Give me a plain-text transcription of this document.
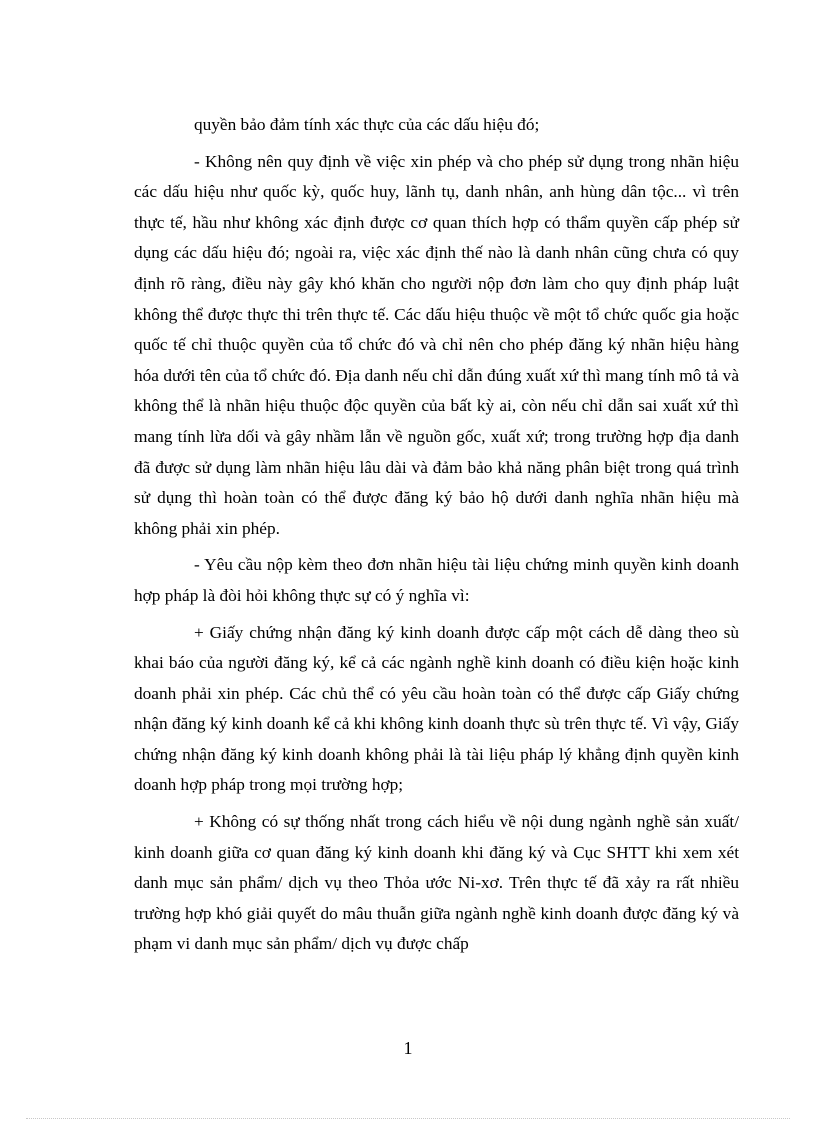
quyền bảo đảm tính xác thực của các dấu hiệu đó;

- Không nên quy định về việc xin phép và cho phép sử dụng trong nhãn hiệu các dấu hiệu như quốc kỳ, quốc huy, lãnh tụ, danh nhân, anh hùng dân tộc... vì trên thực tế, hầu như không xác định được cơ quan thích hợp có thẩm quyền cấp phép sử dụng các dấu hiệu đó; ngoài ra, việc xác định thế nào là danh nhân cũng chưa có quy định rõ ràng, điều này gây khó khăn cho người nộp đơn làm cho quy định pháp luật không thể được thực thi trên thực tế. Các dấu hiệu thuộc về một tổ chức quốc gia hoặc quốc tế chỉ thuộc quyền của tổ chức đó và chỉ nên cho phép đăng ký nhãn hiệu hàng hóa dưới tên của tổ chức đó. Địa danh nếu chỉ dẫn đúng xuất xứ thì mang tính mô tả và không thể là nhãn hiệu thuộc độc quyền của bất kỳ ai, còn nếu chỉ dẫn sai xuất xứ thì mang tính lừa dối và gây nhầm lẫn về nguồn gốc, xuất xứ; trong trường hợp địa danh đã được sử dụng làm nhãn hiệu lâu dài và đảm bảo khả năng phân biệt trong quá trình sử dụng thì hoàn toàn có thể được đăng ký bảo hộ dưới danh nghĩa nhãn hiệu mà không phải xin phép.

- Yêu cầu nộp kèm theo đơn nhãn hiệu tài liệu chứng minh quyền kinh doanh hợp pháp là đòi hỏi không thực sự có ý nghĩa vì:

+ Giấy chứng nhận đăng ký kinh doanh được cấp một cách dễ dàng theo sù khai báo của người đăng ký, kể cả các ngành nghề kinh doanh có điều kiện hoặc kinh doanh phải xin phép. Các chủ thể có yêu cầu hoàn toàn có thể được cấp Giấy chứng nhận đăng ký kinh doanh kể cả khi không kinh doanh thực sù trên thực tế. Vì vậy, Giấy chứng nhận đăng ký kinh doanh không phải là tài liệu pháp lý khẳng định quyền kinh doanh hợp pháp trong mọi trường hợp;

+ Không có sự thống nhất trong cách hiểu về nội dung ngành nghề sản xuất/ kinh doanh giữa cơ quan đăng ký kinh doanh khi đăng ký và Cục SHTT khi xem xét danh mục sản phẩm/ dịch vụ theo Thỏa ước Ni-xơ. Trên thực tế đã xảy ra rất nhiều trường hợp khó giải quyết do mâu thuẫn giữa ngành nghề kinh doanh được đăng ký và phạm vi danh mục sản phẩm/ dịch vụ được chấp

1
